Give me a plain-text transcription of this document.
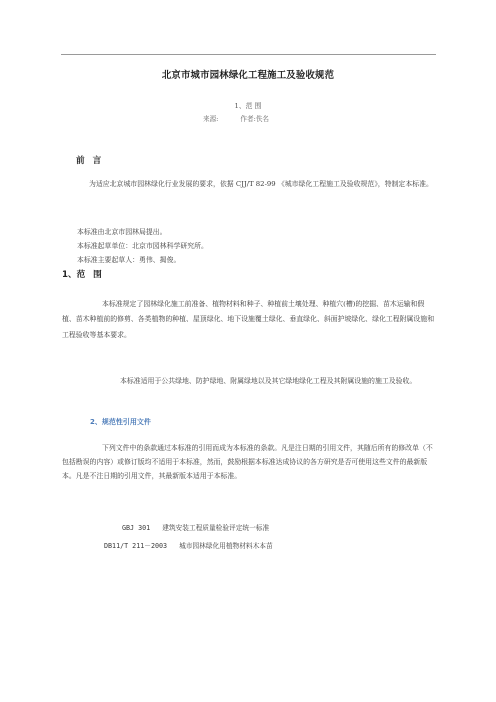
北京市城市园林绿化工程施工及验收规范
1、范 围
来源:	作者:佚名
前言
为适应北京城市园林绿化行业发展的要求，依据 CJJ/T 82-99 《城市绿化工程施工及验收规范》，特制定本标准。
本标准由北京市园林局提出。
本标准起草单位：北京市园林科学研究所。
本标准主要起草人：勇伟、揭俊。
1、范 围
本标准规定了园林绿化施工前准备、植物材料和种子、种植前土壤处理、种植穴(槽)的挖掘、苗木运输和假植、苗木种植前的修剪、各类植物的种植、屋顶绿化、地下设施覆土绿化、垂直绿化、斜面护坡绿化、绿化工程附属设施和工程验收等基本要求。
本标准适用于公共绿地、防护绿地、附属绿地以及其它绿地绿化工程及其附属设施的施工及验收。
2、规范性引用文件
下列文件中的条款通过本标准的引用而成为本标准的条款。凡是注日期的引用文件，其随后所有的修改单（不包括勘误的内容）或修订版均不适用于本标准，然而，鼓励根据本标准达成协议的各方研究是否可使用这些文件的最新版本。凡是不注日期的引用文件，其最新版本适用于本标准。
GBJ 301 建筑安装工程质量检验评定统一标准
DB11/T 211－2003 城市园林绿化用植物材料木本苗
